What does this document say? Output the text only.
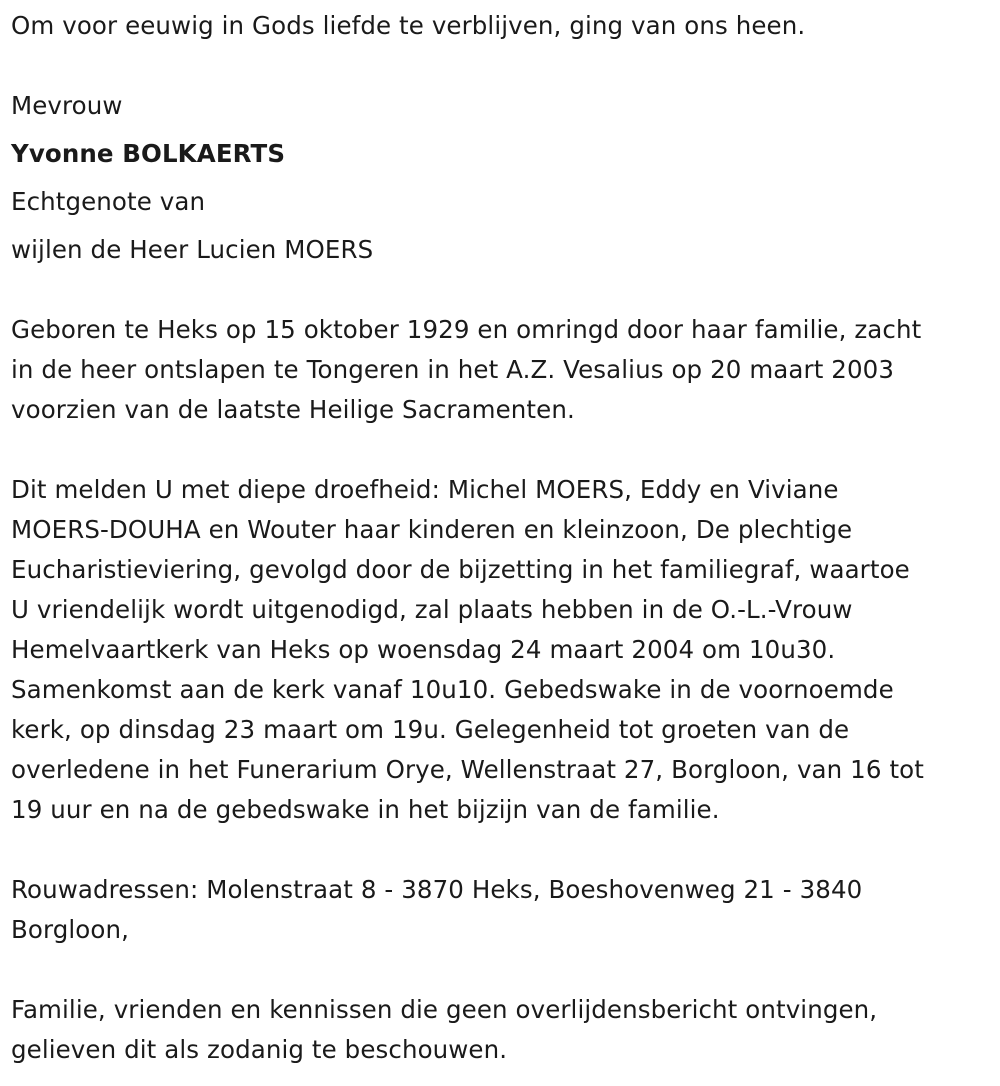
Om voor eeuwig in Gods liefde te verblijven, ging van ons heen.
Mevrouw
Yvonne BOLKAERTS
Echtgenote van
wijlen de Heer Lucien MOERS
Geboren te Heks op 15 oktober 1929 en omringd door haar familie, zacht
in de heer ontslapen te Tongeren in het A.Z. Vesalius op 20 maart 2003
voorzien van de laatste Heilige Sacramenten.
Dit melden U met diepe droefheid: Michel MOERS, Eddy en Viviane
MOERS-DOUHA en Wouter haar kinderen en kleinzoon, De plechtige
Eucharistieviering, gevolgd door de bijzetting in het familiegraf, waartoe
U vriendelijk wordt uitgenodigd, zal plaats hebben in de O.-L.-Vrouw
Hemelvaartkerk van Heks op woensdag 24 maart 2004 om 10u30.
Samenkomst aan de kerk vanaf 10u10. Gebedswake in de voornoemde
kerk, op dinsdag 23 maart om 19u. Gelegenheid tot groeten van de
overledene in het Funerarium Orye, Wellenstraat 27, Borgloon, van 16 tot
19 uur en na de gebedswake in het bijzijn van de familie.
Rouwadressen: Molenstraat 8 - 3870 Heks, Boeshovenweg 21 - 3840
Borgloon,
Familie, vrienden en kennissen die geen overlijdensbericht ontvingen,
gelieven dit als zodanig te beschouwen.
